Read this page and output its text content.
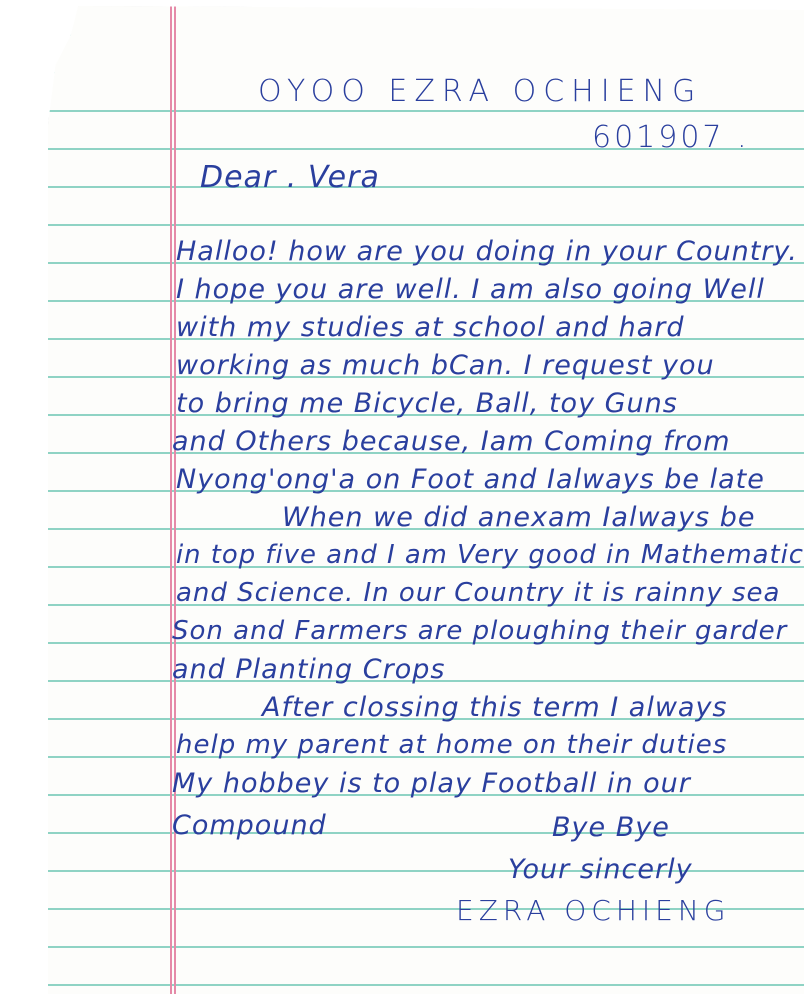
OYOO EZRA OCHIENG
601907 .
Dear . Vera
Halloo! how are you doing in your Country.
I hope you are well. I am also going Well
with my studies at school and hard
working as much bCan. I request you
to bring me Bicycle, Ball, toy Guns
and Others because, Iam Coming from
Nyong'ong'a on Foot and Ialways be late
When we did anexam Ialways be
in top five and I am Very good in Mathematic
and Science. In our Country it is rainny sea
Son and Farmers are ploughing their garder
and Planting Crops
After clossing this term I always
help my parent at home on their duties
My hobbey is to play Football in our
Compound	Bye Bye
Your sincerly
EZRA OCHIENG
